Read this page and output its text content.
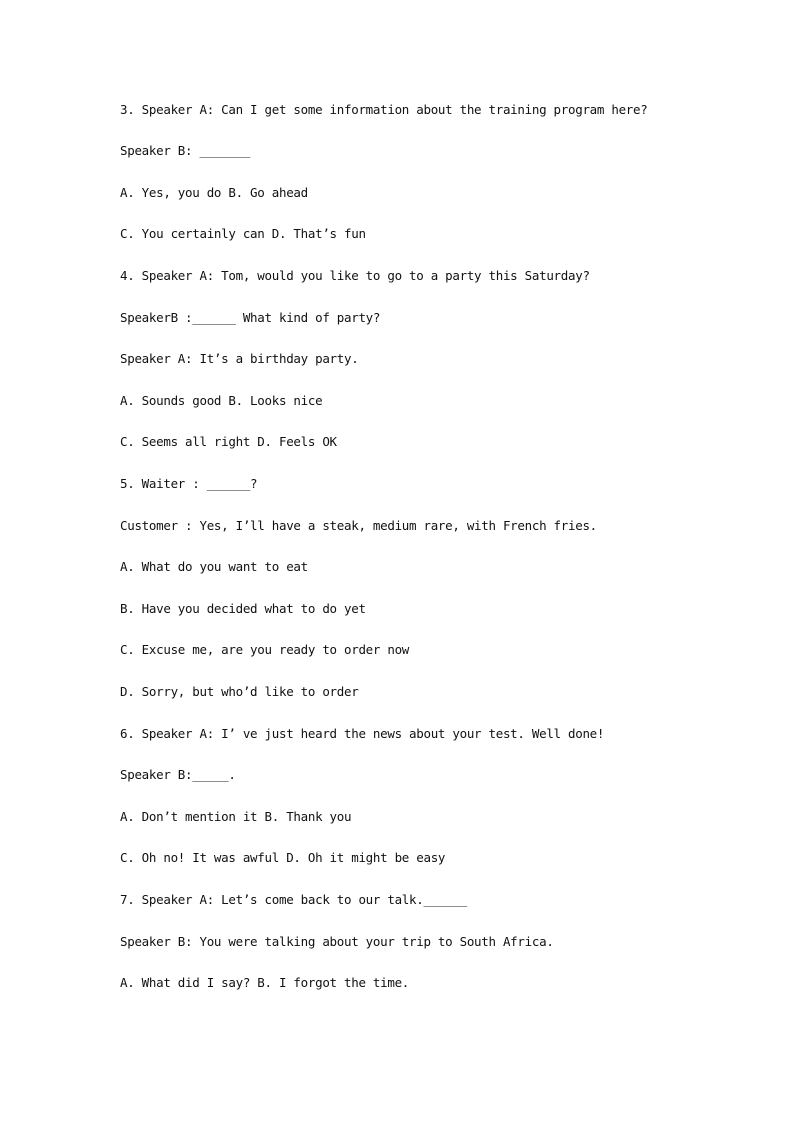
3. Speaker A: Can I get some information about the training program here?

Speaker B: _______

A. Yes, you do B. Go ahead

C. You certainly can D. That’s fun

4. Speaker A: Tom, would you like to go to a party this Saturday?

SpeakerB :______ What kind of party?

Speaker A: It’s a birthday party.

A. Sounds good B. Looks nice

C. Seems all right D. Feels OK

5. Waiter : ______?

Customer : Yes, I’ll have a steak, medium rare, with French fries.

A. What do you want to eat

B. Have you decided what to do yet

C. Excuse me, are you ready to order now

D. Sorry, but who’d like to order

6. Speaker A: I’ ve just heard the news about your test. Well done!

Speaker B:_____.

A. Don’t mention it B. Thank you

C. Oh no! It was awful D. Oh it might be easy

7. Speaker A: Let’s come back to our talk.______

Speaker B: You were talking about your trip to South Africa.

A. What did I say? B. I forgot the time.
